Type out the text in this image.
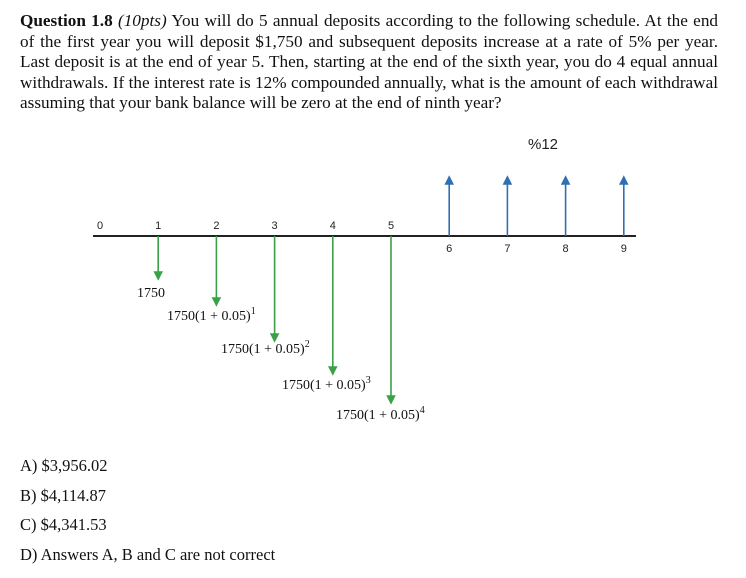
Question 1.8 (10pts) You will do 5 annual deposits according to the following schedule. At the end of the first year you will deposit $1,750 and subsequent deposits increase at a rate of 5% per year. Last deposit is at the end of year 5. Then, starting at the end of the sixth year, you do 4 equal annual withdrawals. If the interest rate is 12% compounded annually, what is the amount of each withdrawal assuming that your bank balance will be zero at the end of ninth year?

%12
0	1	2	3	4	5
6	7	8	9
1750
$1750(1 + 0.05)^1$
$1750(1 + 0.05)^2$
$1750(1 + 0.05)^3$
$1750(1 + 0.05)^4$
A) $3,956.02
B) $4,114.87
C) $4,341.53
D) Answers A, B and C are not correct
